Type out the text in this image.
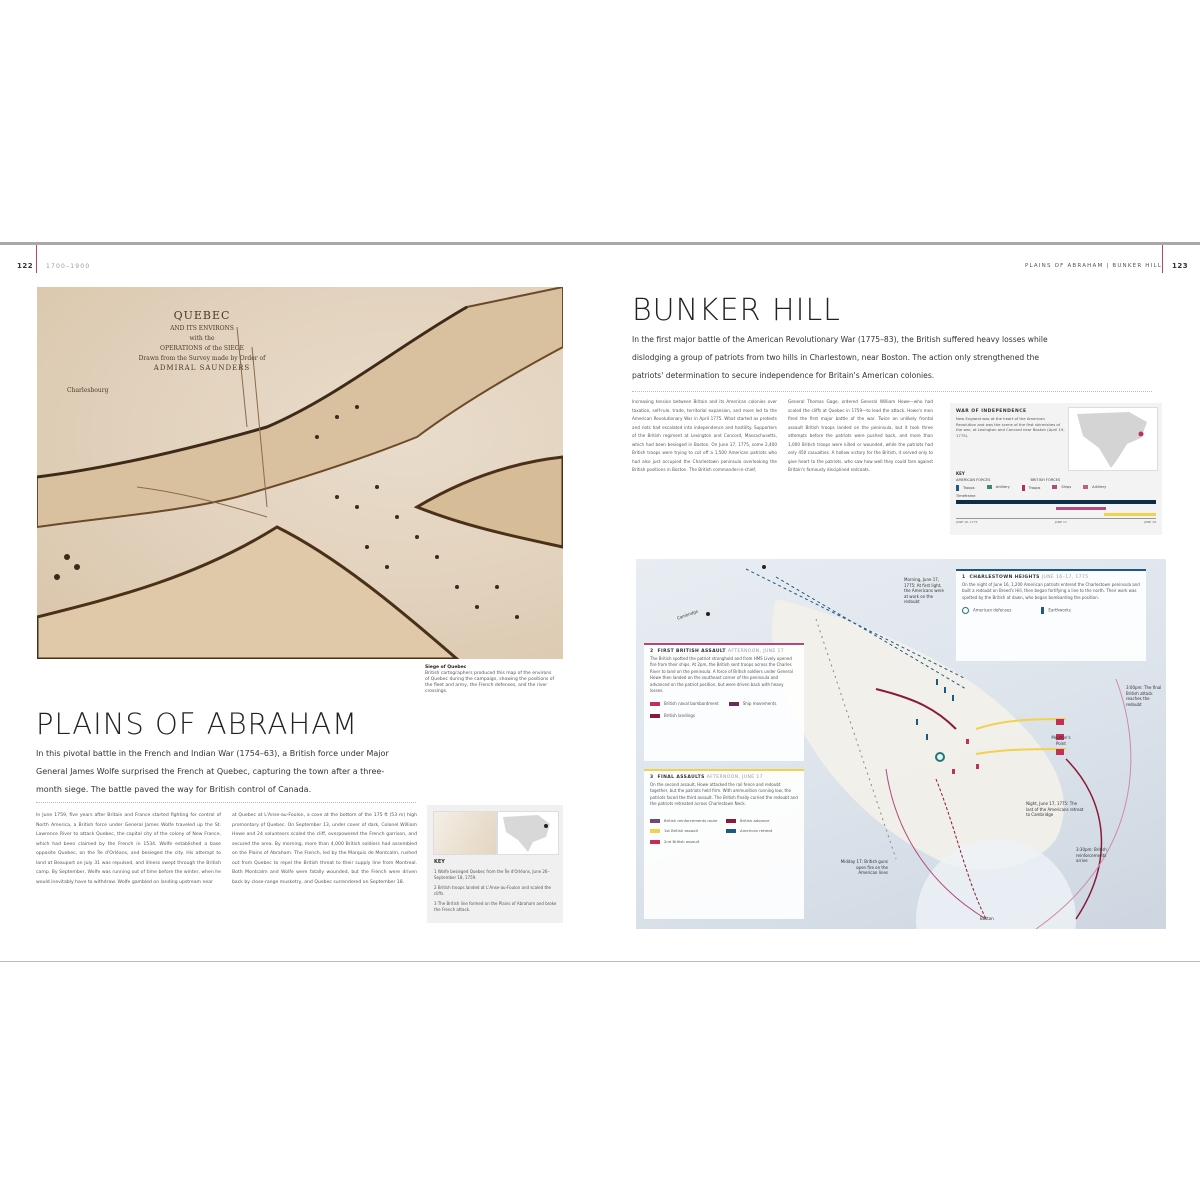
122 1700–1900
QUEBEC
AND ITS ENVIRONS
with the
OPERATIONS of the SIEGE
Drawn from the Survey made by Order of
ADMIRAL SAUNDERS
Charlesbourg
Siege of Quebec
British cartographers produced this map of the environs of Quebec during the campaign, showing the positions of the fleet and army, the French defenses, and the river crossings.
PLAINS OF ABRAHAM
In this pivotal battle in the French and Indian War (1754–63), a British force under Major General James Wolfe surprised the French at Quebec, capturing the town after a three-month siege. The battle paved the way for British control of Canada.
In June 1759, five years after Britain and France started fighting for control of North America, a British force under General James Wolfe traveled up the St. Lawrence River to attack Quebec, the capital city of the colony of New France, which had been claimed by the French in 1534. Wolfe established a base opposite Quebec, on the Île d'Orléans, and besieged the city. His attempt to land at Beauport on July 31 was repulsed, and illness swept through the British camp. By September, Wolfe was running out of time before the winter, when he would inevitably have to withdraw. Wolfe gambled on landing upstream near
at Quebec at L'Anse-au-Foulon, a cove at the bottom of the 175 ft (53 m) high promontory of Quebec. On September 13, under cover of dark, Colonel William Howe and 24 volunteers scaled the cliff, overpowered the French garrison, and secured the area. By morning, more than 4,000 British soldiers had assembled on the Plains of Abraham. The French, led by the Marquis de Montcalm, rushed out from Quebec to repel the British threat to their supply line from Montreal. Both Montcalm and Wolfe were fatally wounded, but the French were driven back by close-range musketry, and Quebec surrendered on September 18.
KEY
1 Wolfe besieged Quebec from the Île d'Orléans, June 26–September 18, 1759.
2 British troops landed at L'Anse-au-Foulon and scaled the cliffs.
3 The British line formed on the Plains of Abraham and broke the French attack.
PLAINS OF ABRAHAM | BUNKER HILL 123
BUNKER HILL
In the first major battle of the American Revolutionary War (1775–83), the British suffered heavy losses while dislodging a group of patriots from two hills in Charlestown, near Boston. The action only strengthened the patriots' determination to secure independence for Britain's American colonies.
Increasing tension between Britain and its American colonies over taxation, self-rule, trade, territorial expansion, and more led to the American Revolutionary War in April 1775. What started as protests and riots had escalated into independence and hostility. Supporters of the British regiment at Lexington and Concord, Massachusetts, which had been besieged in Boston. On June 17, 1775, some 2,400 British troops were trying to cut off a 1,500 American patriots who had also just occupied the Charlestown peninsula overlooking the British positions in Boston. The British commander-in-chief,
General Thomas Gage, ordered General William Howe—who had scaled the cliffs at Quebec in 1759—to lead the attack. Howe's men fired the first major battle of the war. Twice an unlikely frontal assault British troops landed on the peninsula, but it took three attempts before the patriots were pushed back, and more than 1,000 British troops were killed or wounded, while the patriots had only 450 casualties. A hollow victory for the British, it served only to give heart to the patriots, who saw how well they could fare against Britain's famously disciplined redcoats.
WAR OF INDEPENDENCE
New England was at the heart of the American Revolution and was the scene of the first skirmishes of the war, at Lexington and Concord near Boston (April 19, 1775).
KEY
AMERICAN FORCES	BRITISH FORCES
Troops	Artillery	Troops	Ships	Artillery
Timeframe
JUNE 16, 1775	JUNE 17	JUNE 18
2 FIRST BRITISH ASSAULT AFTERNOON, JUNE 17
The British spotted the patriot stronghold and from HMS Lively opened fire from their ships. At 2pm, the British sent troops across the Charles River to land on the peninsula. A force of British soldiers under General Howe then landed on the southeast corner of the peninsula and advanced on the patriot position, but were driven back with heavy losses.
British naval bombardment	Ship movements
British landings
3 FINAL ASSAULTS AFTERNOON, JUNE 17
On the second assault, Howe attacked the rail fence and redoubt together, but the patriots held firm. With ammunition running low, the patriots faced the third assault. The British finally carried the redoubt and the patriots retreated across Charlestown Neck.
British reinforcements route	British advance
1st British assault	American retreat
2nd British assault
1 CHARLESTOWN HEIGHTS JUNE 16–17, 1775
On the night of June 16, 1,200 American patriots entered the Charlestown peninsula and built a redoubt on Breed's Hill, then began fortifying a line to the north. Their work was spotted by the British at dawn, who began bombarding the position.
American defenses	Earthworks
Morning, June 17, 1775: At first light, the Americans were at work on the redoubt
3:00pm: The final British attack reaches the redoubt
Moulton's Point
Night, June 17, 1775: The last of the Americans retreat to Cambridge
3:30pm: British reinforcements arrive
Midday 17: British guns open fire on the American lines
Boston
Cambridge
